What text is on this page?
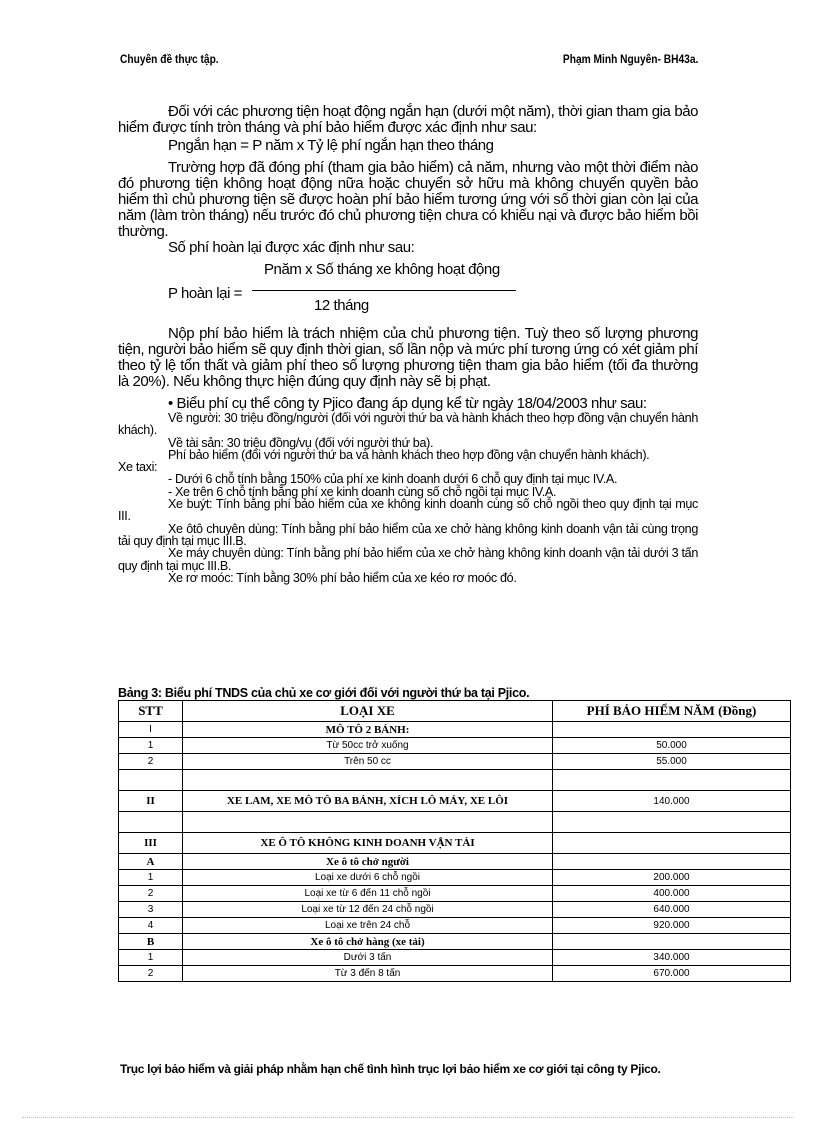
Chuyên đề thực tập.	Phạm Minh Nguyên- BH43a.

Đối với các phương tiện hoạt động ngắn hạn (dưới một năm), thời gian tham gia bảo hiểm được tính tròn tháng và phí bảo hiểm được xác định như sau:

Pngắn hạn = P năm x Tỷ lệ phí ngắn hạn theo tháng

Trường hợp đã đóng phí (tham gia bảo hiểm) cả năm, nhưng vào một thời điểm nào đó phương tiện không hoạt động nữa hoặc chuyển sở hữu mà không chuyển quyền bảo hiểm thì chủ phương tiện sẽ được hoàn phí bảo hiểm tương ứng với số thời gian còn lại của năm (làm tròn tháng) nếu trước đó chủ phương tiện chưa có khiếu nại và được bảo hiểm bồi thường.

Số phí hoàn lại được xác định như sau:

P hoàn lại =
Pnăm x Số tháng xe không hoạt động
12 tháng

Nộp phí bảo hiểm là trách nhiệm của chủ phương tiện. Tuỳ theo số lượng phương tiện, người bảo hiểm sẽ quy định thời gian, số lần nộp và mức phí tương ứng có xét giảm phí theo tỷ lệ tổn thất và giảm phí theo số lượng phương tiện tham gia bảo hiểm (tối đa thường là 20%). Nếu không thực hiện đúng quy định này sẽ bị phạt.

• Biểu phí cụ thể công ty Pjico đang áp dụng kể từ ngày 18/04/2003 như sau:

Về người: 30 triệu đồng/người (đối với người thứ ba và hành khách theo hợp đồng vận chuyển hành khách).

Về tài sản: 30 triệu đồng/vụ (đối với người thứ ba).

Phí bảo hiểm (đối với người thứ ba và hành khách theo hợp đồng vận chuyển hành khách).

Xe taxi:

- Dưới 6 chỗ tính bằng 150% của phí xe kinh doanh dưới 6 chỗ quy định tại mục IV.A.

- Xe trên 6 chỗ tính bằng phí xe kinh doanh cùng số chỗ ngồi tại mục IV.A.

Xe buýt: Tính bằng phí bảo hiểm của xe không kinh doanh cùng số chỗ ngồi theo quy định tại mục III.

Xe ôtô chuyên dùng: Tính bằng phí bảo hiểm của xe chở hàng không kinh doanh vận tải cùng trọng tải quy định tại mục III.B.

Xe máy chuyên dùng: Tính bằng phí bảo hiểm của xe chở hàng không kinh doanh vận tải dưới 3 tấn quy định tại mục III.B.

Xe rơ moóc: Tính bằng 30% phí bảo hiểm của xe kéo rơ moóc đó.

Bảng 3: Biểu phí TNDS của chủ xe cơ giới đối với người thứ ba tại Pjico.
STT	LOẠI XE	PHÍ BẢO HIỂM NĂM (Đồng)
I	MÔ TÔ 2 BÁNH:	
1	Từ 50cc trở xuống	50.000
2	Trên 50 cc	55.000

II	XE LAM, XE MÔ TÔ BA BÁNH, XÍCH LÔ MÁY, XE LÔI	140.000

III	XE Ô TÔ KHÔNG KINH DOANH VẬN TẢI	
A	Xe ô tô chở người	
1	Loại xe dưới 6 chỗ ngồi	200.000
2	Loại xe từ 6 đến 11 chỗ ngồi	400.000
3	Loại xe từ 12 đến 24 chỗ ngồi	640.000
4	Loại xe trên 24 chỗ	920.000
B	Xe ô tô chở hàng (xe tải)	
1	Dưới 3 tấn	340.000
2	Từ 3 đến 8 tấn	670.000
Trục lợi bảo hiểm và giải pháp nhằm hạn chế tình hình trục lợi bảo hiểm xe cơ giới tại công ty Pjico.
